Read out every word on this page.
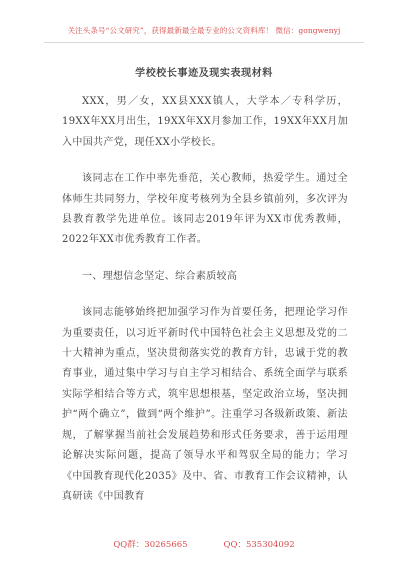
关注头条号“公文研究”，获得最新最全最专业的公文资料库！ 微信：gongwenyj
学校校长事迹及现实表现材料

XXX，男／女，XX县XXX镇人，大学本／专科学历，19XX年XX月出生，19XX年XX月参加工作，19XX年XX月加入中国共产党，现任XX小学校长。

该同志在工作中率先垂范，关心教师，热爱学生。通过全体师生共同努力，学校年度考核列为全县乡镇前列，多次评为县教育教学先进单位。该同志2019年评为XX市优秀教师，2022年XX市优秀教育工作者。

一、理想信念坚定、综合素质较高

该同志能够始终把加强学习作为首要任务，把理论学习作为重要责任，以习近平新时代中国特色社会主义思想及党的二十大精神为重点，坚决贯彻落实党的教育方针，忠诚于党的教育事业，通过集中学习与自主学习相结合、系统全面学与联系实际学相结合等方式，筑牢思想根基，坚定政治立场，坚决拥护“两个确立”，做到“两个维护”。注重学习各级新政策、新法规，了解掌握当前社会发展趋势和形式任务要求，善于运用理论解决实际问题，提高了领导水平和驾驭全局的能力；学习《中国教育现代化2035》及中、省、市教育工作会议精神，认真研读《中国教育

QQ群：30265665	QQ：535304092
